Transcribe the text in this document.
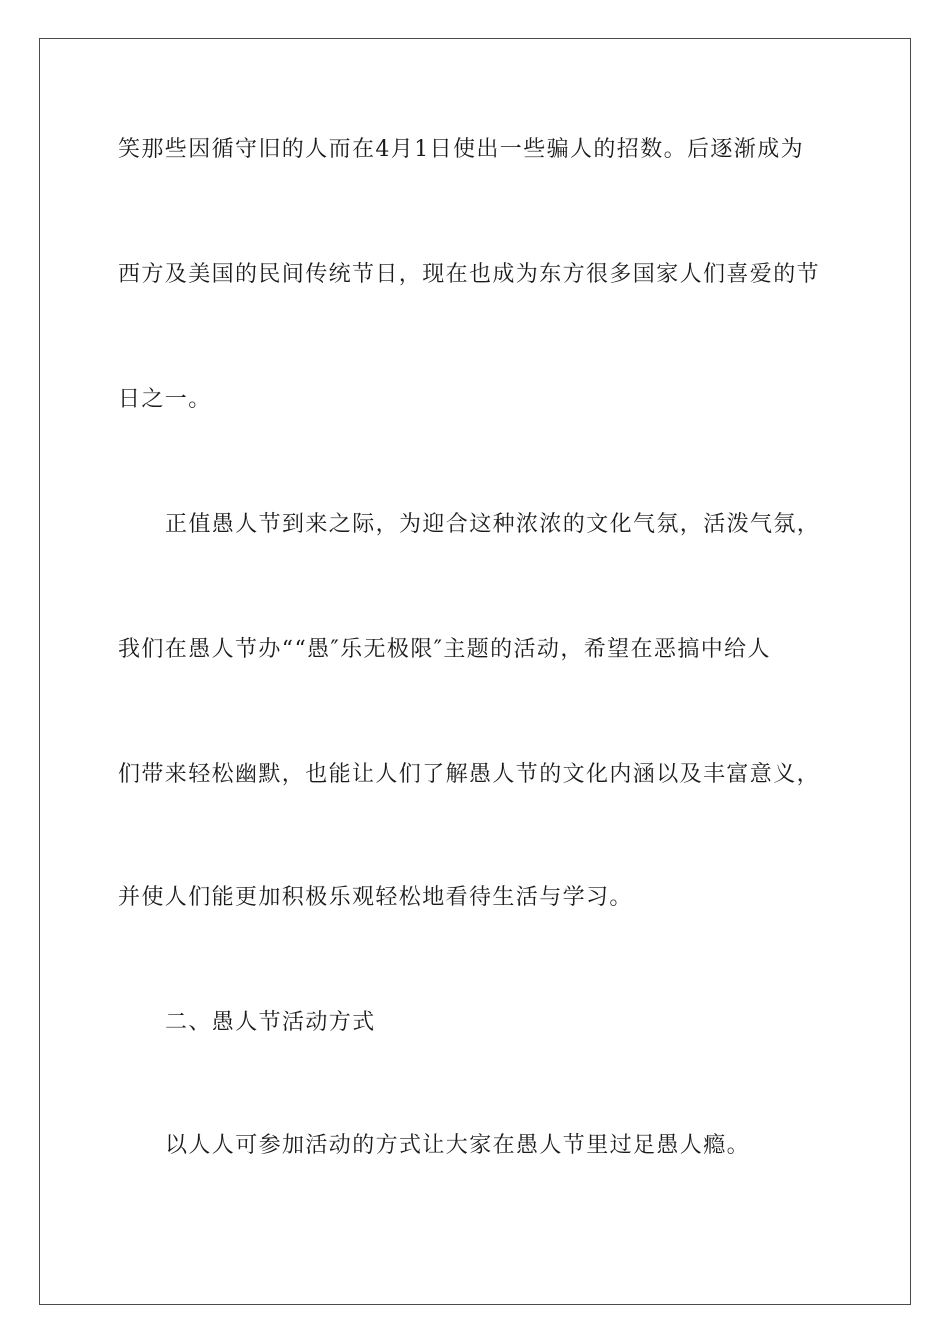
笑那些因循守旧的人而在4月1日使出一些骗人的招数。后逐渐成为
西方及美国的民间传统节日，现在也成为东方很多国家人们喜爱的节
日之一。
正值愚人节到来之际，为迎合这种浓浓的文化气氛，活泼气氛，
我们在愚人节办““愚″乐无极限″主题的活动，希望在恶搞中给人
们带来轻松幽默，也能让人们了解愚人节的文化内涵以及丰富意义，
并使人们能更加积极乐观轻松地看待生活与学习。
二、愚人节活动方式
以人人可参加活动的方式让大家在愚人节里过足愚人瘾。
